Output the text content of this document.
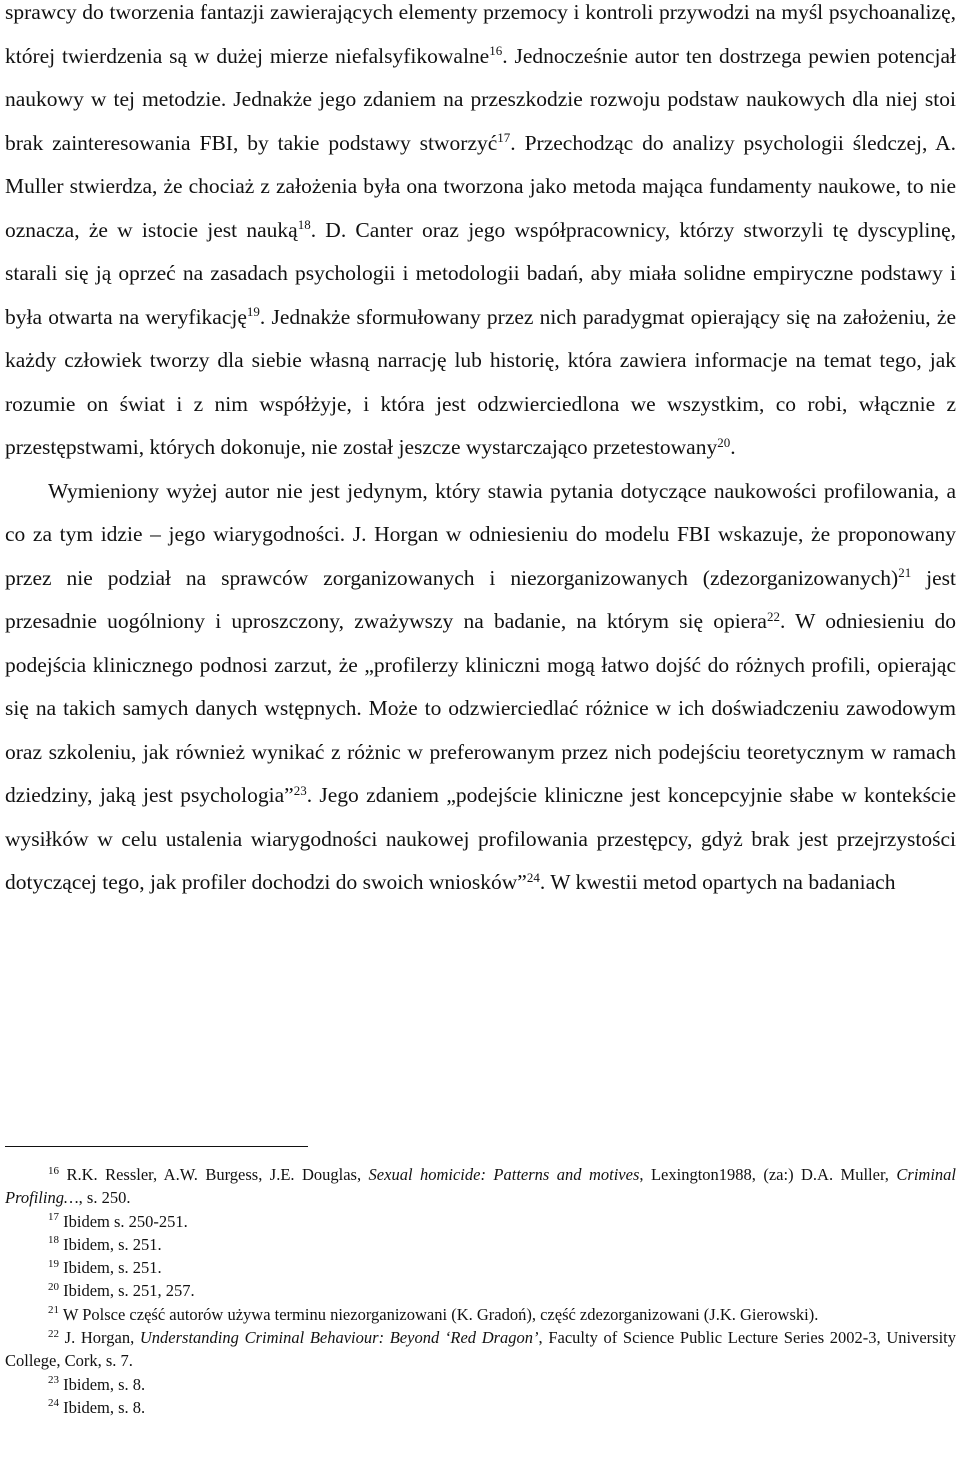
sprawcy do tworzenia fantazji zawierających elementy przemocy i kontroli przywodzi na myśl psychoanalizę, której twierdzenia są w dużej mierze niefalsyfikowalne$^{16}$. Jednocześnie autor ten dostrzega pewien potencjał naukowy w tej metodzie. Jednakże jego zdaniem na przeszkodzie rozwoju podstaw naukowych dla niej stoi brak zainteresowania FBI, by takie podstawy stworzyć$^{17}$. Przechodząc do analizy psychologii śledczej, A. Muller stwierdza, że chociaż z założenia była ona tworzona jako metoda mająca fundamenty naukowe, to nie oznacza, że w istocie jest nauką$^{18}$. D. Canter oraz jego współpracownicy, którzy stworzyli tę dyscyplinę, starali się ją oprzeć na zasadach psychologii i metodologii badań, aby miała solidne empiryczne podstawy i była otwarta na weryfikację$^{19}$. Jednakże sformułowany przez nich paradygmat opierający się na założeniu, że każdy człowiek tworzy dla siebie własną narrację lub historię, która zawiera informacje na temat tego, jak rozumie on świat i z nim współżyje, i która jest odzwierciedlona we wszystkim, co robi, włącznie z przestępstwami, których dokonuje, nie został jeszcze wystarczająco przetestowany$^{20}$.

Wymieniony wyżej autor nie jest jedynym, który stawia pytania dotyczące naukowości profilowania, a co za tym idzie – jego wiarygodności. J. Horgan w odniesieniu do modelu FBI wskazuje, że proponowany przez nie podział na sprawców zorganizowanych i niezorganizowanych (zdezorganizowanych)$^{21}$ jest przesadnie uogólniony i uproszczony, zważywszy na badanie, na którym się opiera$^{22}$. W odniesieniu do podejścia klinicznego podnosi zarzut, że „profilerzy kliniczni mogą łatwo dojść do różnych profili, opierając się na takich samych danych wstępnych. Może to odzwierciedlać różnice w ich doświadczeniu zawodowym oraz szkoleniu, jak również wynikać z różnic w preferowanym przez nich podejściu teoretycznym w ramach dziedziny, jaką jest psychologia”$^{23}$. Jego zdaniem „podejście kliniczne jest koncepcyjnie słabe w kontekście wysiłków w celu ustalenia wiarygodności naukowej profilowania przestępcy, gdyż brak jest przejrzystości dotyczącej tego, jak profiler dochodzi do swoich wniosków”$^{24}$. W kwestii metod opartych na badaniach

$^{16}$ R.K. Ressler, A.W. Burgess, J.E. Douglas, Sexual homicide: Patterns and motives, Lexington1988, (za:) D.A. Muller, Criminal Profiling…, s. 250.

$^{17}$ Ibidem s. 250-251.

$^{18}$ Ibidem, s. 251.

$^{19}$ Ibidem, s. 251.

$^{20}$ Ibidem, s. 251, 257.

$^{21}$ W Polsce część autorów używa terminu niezorganizowani (K. Gradoń), część zdezorganizowani (J.K. Gierowski).

$^{22}$ J. Horgan, Understanding Criminal Behaviour: Beyond ‘Red Dragon’, Faculty of Science Public Lecture Series 2002-3, University College, Cork, s. 7.

$^{23}$ Ibidem, s. 8.

$^{24}$ Ibidem, s. 8.
